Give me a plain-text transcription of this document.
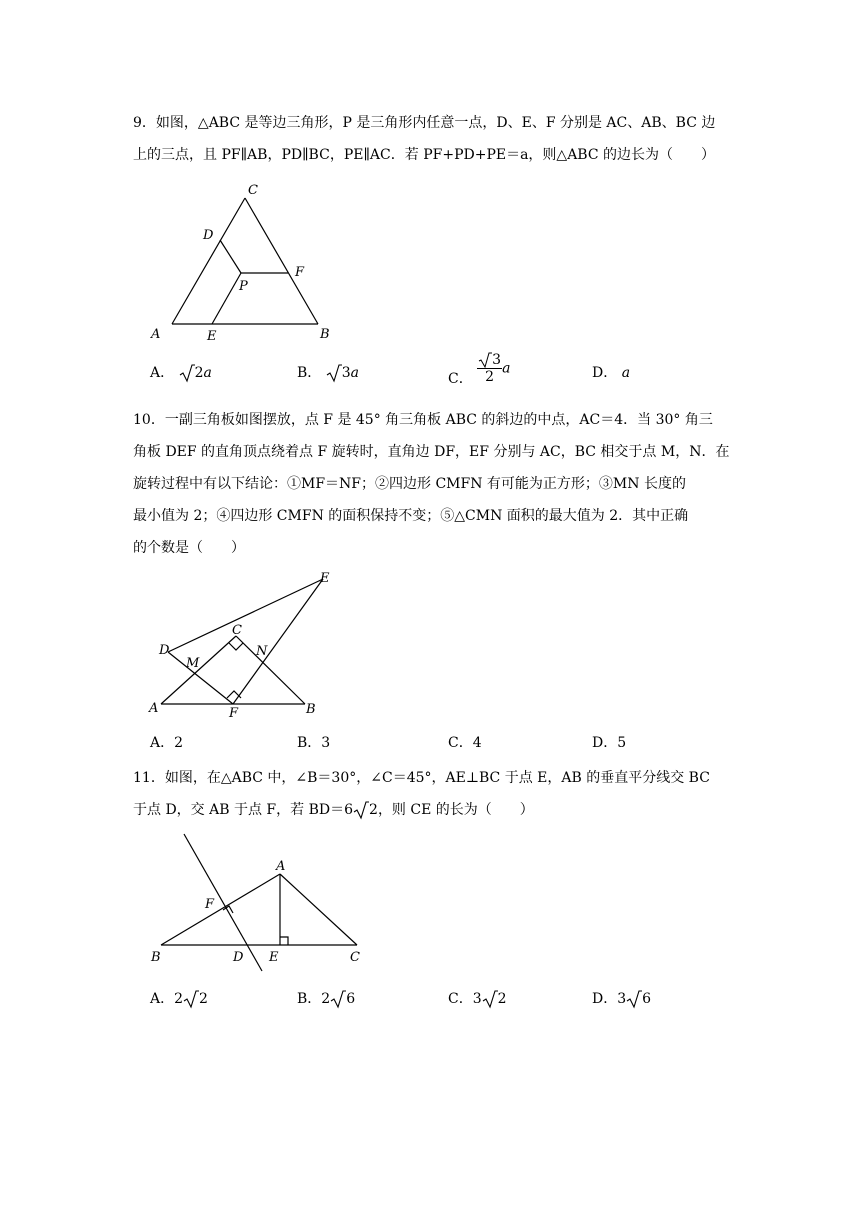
9．如图，△ABC 是等边三角形，P 是三角形内任意一点，D、E、F 分别是 AC、AB、BC 边
上的三点，且 PF∥AB，PD∥BC，PE∥AC．若 PF+PD+PE＝a，则△ABC 的边长为（　　）
C
D
F
P
A	E	B
A． 2a	B． 3a	C． $\frac{3}{2}$ a	D． a
10．一副三角板如图摆放，点 F 是 45° 角三角板 ABC 的斜边的中点，AC＝4．当 30° 角三
角板 DEF 的直角顶点绕着点 F 旋转时，直角边 DF，EF 分别与 AC，BC 相交于点 M，N．在
旋转过程中有以下结论：①MF＝NF；②四边形 CMFN 有可能为正方形；③MN 长度的
最小值为 2；④四边形 CMFN 的面积保持不变；⑤△CMN 面积的最大值为 2．其中正确
的个数是（　　）
D
E
C
M
N
A	F	B
A．2	B．3	C．4	D．5
11．如图，在△ABC 中，∠B＝30°，∠C＝45°，AE⊥BC 于点 E，AB 的垂直平分线交 BC
于点 D，交 AB 于点 F，若 BD＝6 2，则 CE 的长为（　　）
A
F
B	D E	C
A．2 2	B．2 6	C．3 2	D．3 6
